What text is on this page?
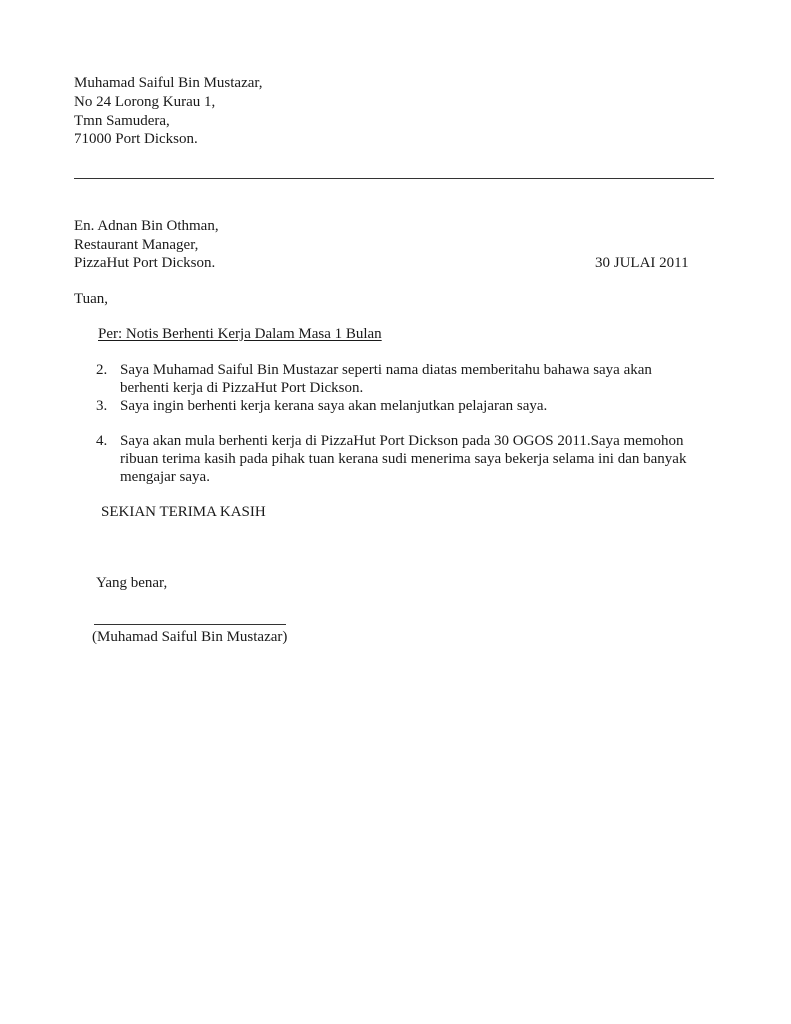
Muhamad Saiful Bin Mustazar,
No 24 Lorong Kurau 1,
Tmn Samudera,
71000 Port Dickson.
En. Adnan Bin Othman,
Restaurant Manager,
PizzaHut Port Dickson.	30 JULAI 2011
Tuan,
Per: Notis Berhenti Kerja Dalam Masa 1 Bulan
2. Saya Muhamad Saiful Bin Mustazar seperti nama diatas memberitahu bahawa saya akan
berhenti kerja di PizzaHut Port Dickson.
3. Saya ingin berhenti kerja kerana saya akan melanjutkan pelajaran saya.
4. Saya akan mula berhenti kerja di PizzaHut Port Dickson pada 30 OGOS 2011.Saya memohon
ribuan terima kasih pada pihak tuan kerana sudi menerima saya bekerja selama ini dan banyak
mengajar saya.
SEKIAN TERIMA KASIH
Yang benar,
(Muhamad Saiful Bin Mustazar)
